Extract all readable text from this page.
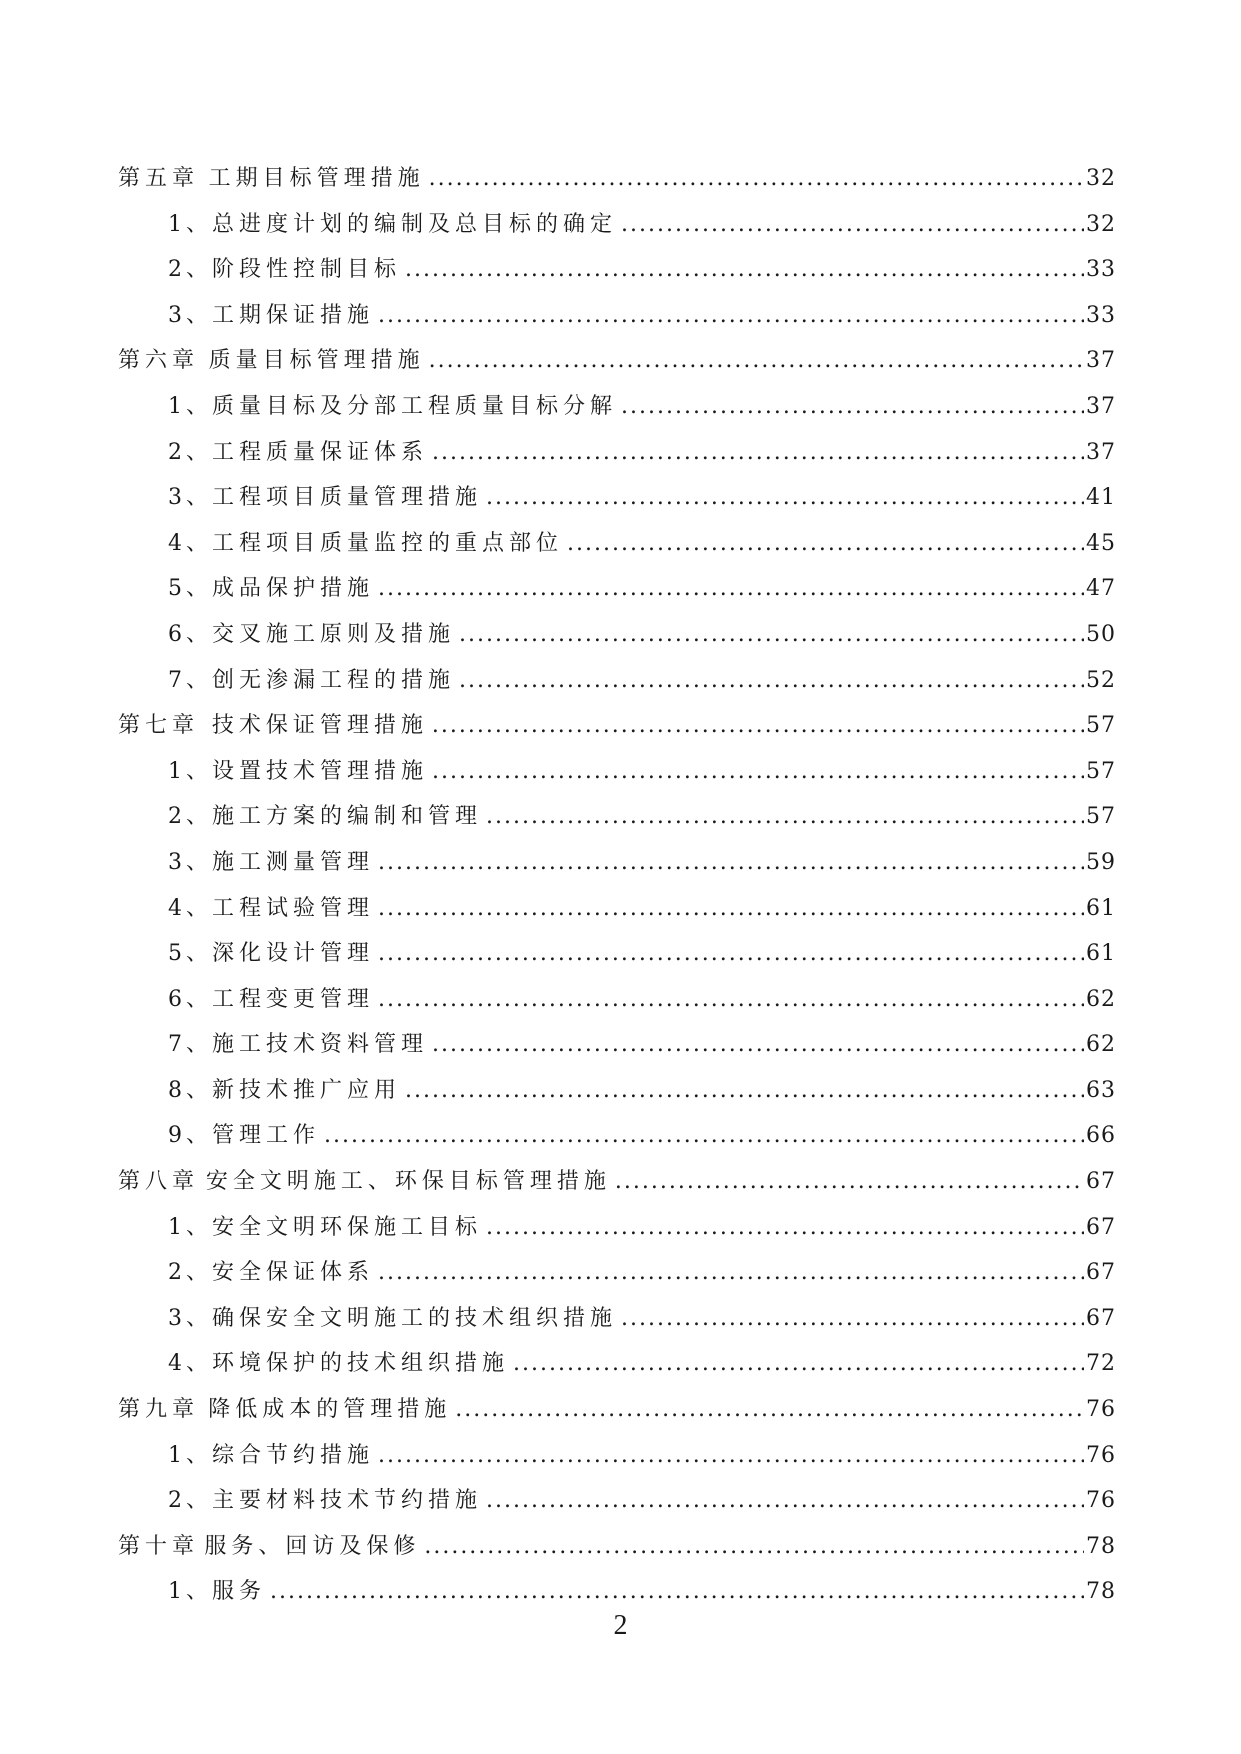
第五章 工期目标管理措施 .....	32
1、 总进度计划的编制及总目标的确定 .....	32
2、 阶段性控制目标 .....	33
3、 工期保证措施 .....	33
第六章 质量目标管理措施 .....	37
1、 质量目标及分部工程质量目标分解 .....	37
2、 工程质量保证体系 .....	37
3、 工程项目质量管理措施 .....	41
4、 工程项目质量监控的重点部位 .....	45
5、 成品保护措施 .....	47
6、 交叉施工原则及措施 .....	50
7、 创无渗漏工程的措施 .....	52
第七章 技术保证管理措施 .....	57
1、 设置技术管理措施 .....	57
2、 施工方案的编制和管理 .....	57
3、 施工测量管理 .....	59
4、 工程试验管理 .....	61
5、 深化设计管理 .....	61
6、 工程变更管理 .....	62
7、 施工技术资料管理 .....	62
8、 新技术推广应用 .....	63
9、 管理工作 .....	66
第八章 安全文明施工、环保目标管理措施 .....	67
1、 安全文明环保施工目标 .....	67
2、 安全保证体系 .....	67
3、 确保安全文明施工的技术组织措施 .....	67
4、 环境保护的技术组织措施 .....	72
第九章 降低成本的管理措施 .....	76
1、 综合节约措施 .....	76
2、 主要材料技术节约措施 .....	76
第十章 服务、回访及保修 .....	78
1、 服务 .....	78
2
